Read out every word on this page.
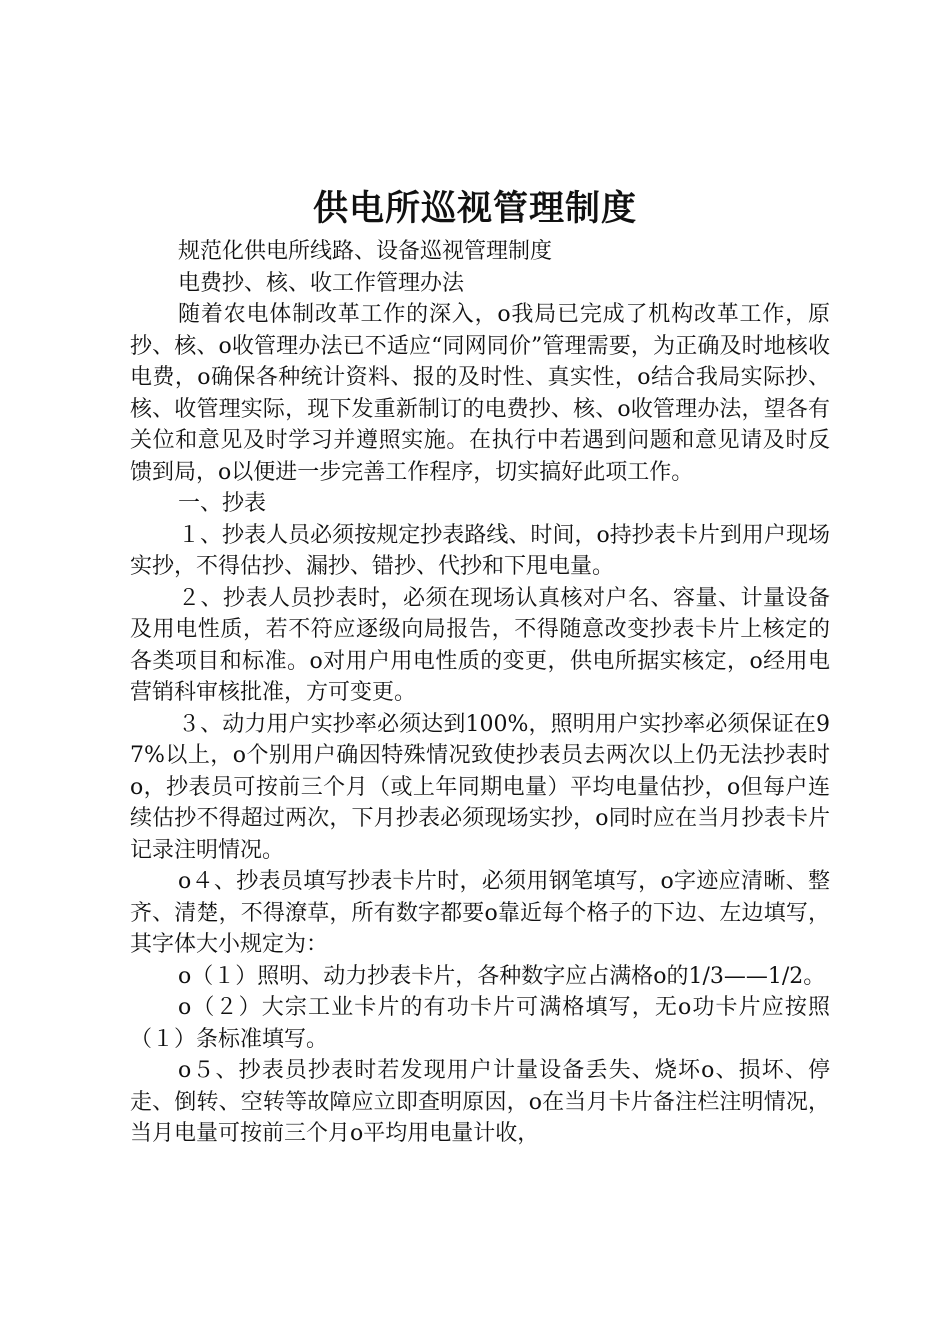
供电所巡视管理制度

规范化供电所线路、设备巡视管理制度

电费抄、核、收工作管理办法

随着农电体制改革工作的深入，o我局已完成了机构改革工作，原抄、核、o收管理办法已不适应“同网同价”管理需要，为正确及时地核收电费，o确保各种统计资料、报的及时性、真实性，o结合我局实际抄、核、收管理实际，现下发重新制订的电费抄、核、o收管理办法，望各有关位和意见及时学习并遵照实施。在执行中若遇到问题和意见请及时反馈到局，o以便进一步完善工作程序，切实搞好此项工作。

一、抄表

１、抄表人员必须按规定抄表路线、时间，o持抄表卡片到用户现场实抄，不得估抄、漏抄、错抄、代抄和下甩电量。

２、抄表人员抄表时，必须在现场认真核对户名、容量、计量设备及用电性质，若不符应逐级向局报告，不得随意改变抄表卡片上核定的各类项目和标准。o对用户用电性质的变更，供电所据实核定，o经用电营销科审核批准，方可变更。

３、动力用户实抄率必须达到100%，照明用户实抄率必须保证在97%以上，o个别用户确因特殊情况致使抄表员去两次以上仍无法抄表时o，抄表员可按前三个月（或上年同期电量）平均电量估抄，o但每户连续估抄不得超过两次，下月抄表必须现场实抄，o同时应在当月抄表卡片记录注明情况。

o４、抄表员填写抄表卡片时，必须用钢笔填写，o字迹应清晰、整齐、清楚，不得潦草，所有数字都要o靠近每个格子的下边、左边填写，其字体大小规定为：

o（１）照明、动力抄表卡片，各种数字应占满格o的1/3——1/2。

o（２）大宗工业卡片的有功卡片可满格填写，无o功卡片应按照（１）条标准填写。

o５、抄表员抄表时若发现用户计量设备丢失、烧坏o、损坏、停走、倒转、空转等故障应立即查明原因，o在当月卡片备注栏注明情况，当月电量可按前三个月o平均用电量计收，
